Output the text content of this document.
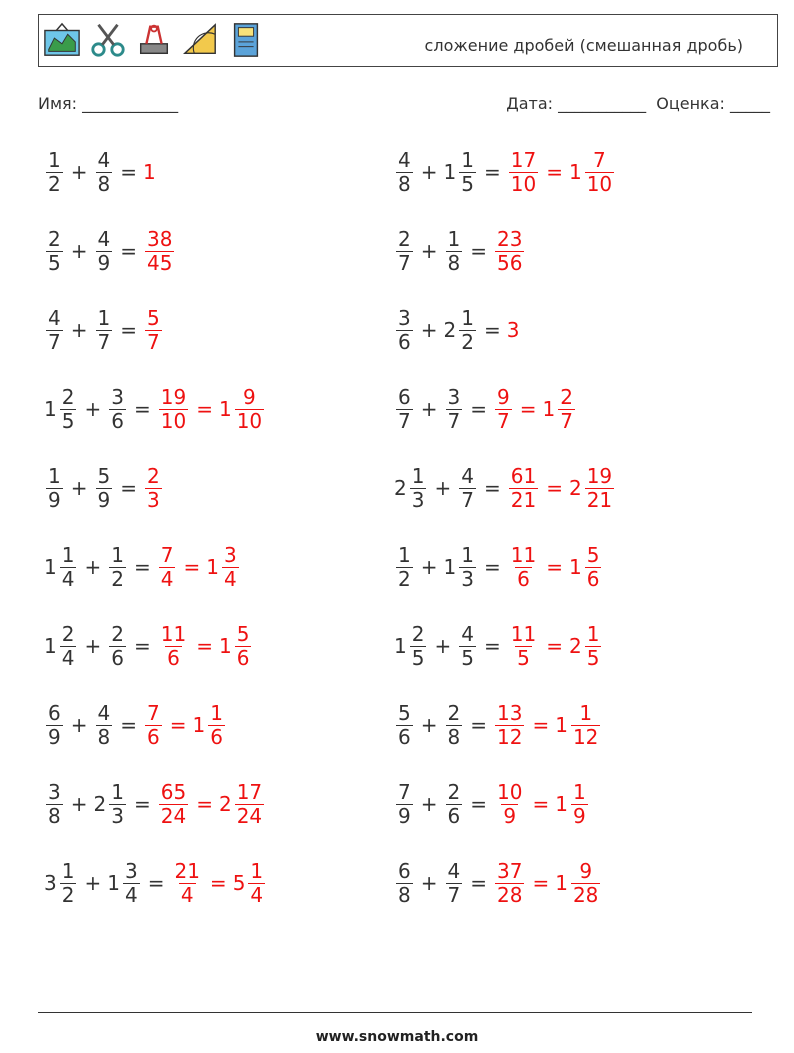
сложение дробей (смешанная дробь)
Имя: ____________	Дата: ___________  Оценка: _____
$\frac{1}{2} + \frac{4}{8} = 1$	$\frac{4}{8} + 1 \frac{1}{5} = \frac{17}{10} = 1 \frac{7}{10}$
$\frac{2}{5} + \frac{4}{9} = \frac{38}{45}$	$\frac{2}{7} + \frac{1}{8} = \frac{23}{56}$
$\frac{4}{7} + \frac{1}{7} = \frac{5}{7}$	$\frac{3}{6} + 2 \frac{1}{2} = 3$
$1 \frac{2}{5} + \frac{3}{6} = \frac{19}{10} = 1 \frac{9}{10}$	$\frac{6}{7} + \frac{3}{7} = \frac{9}{7} = 1 \frac{2}{7}$
$\frac{1}{9} + \frac{5}{9} = \frac{2}{3}$	$2 \frac{1}{3} + \frac{4}{7} = \frac{61}{21} = 2 \frac{19}{21}$
$1 \frac{1}{4} + \frac{1}{2} = \frac{7}{4} = 1 \frac{3}{4}$	$\frac{1}{2} + 1 \frac{1}{3} = \frac{11}{6} = 1 \frac{5}{6}$
$1 \frac{2}{4} + \frac{2}{6} = \frac{11}{6} = 1 \frac{5}{6}$	$1 \frac{2}{5} + \frac{4}{5} = \frac{11}{5} = 2 \frac{1}{5}$
$\frac{6}{9} + \frac{4}{8} = \frac{7}{6} = 1 \frac{1}{6}$	$\frac{5}{6} + \frac{2}{8} = \frac{13}{12} = 1 \frac{1}{12}$
$\frac{3}{8} + 2 \frac{1}{3} = \frac{65}{24} = 2 \frac{17}{24}$	$\frac{7}{9} + \frac{2}{6} = \frac{10}{9} = 1 \frac{1}{9}$
$3 \frac{1}{2} + 1 \frac{3}{4} = \frac{21}{4} = 5 \frac{1}{4}$	$\frac{6}{8} + \frac{4}{7} = \frac{37}{28} = 1 \frac{9}{28}$
www.snowmath.com
